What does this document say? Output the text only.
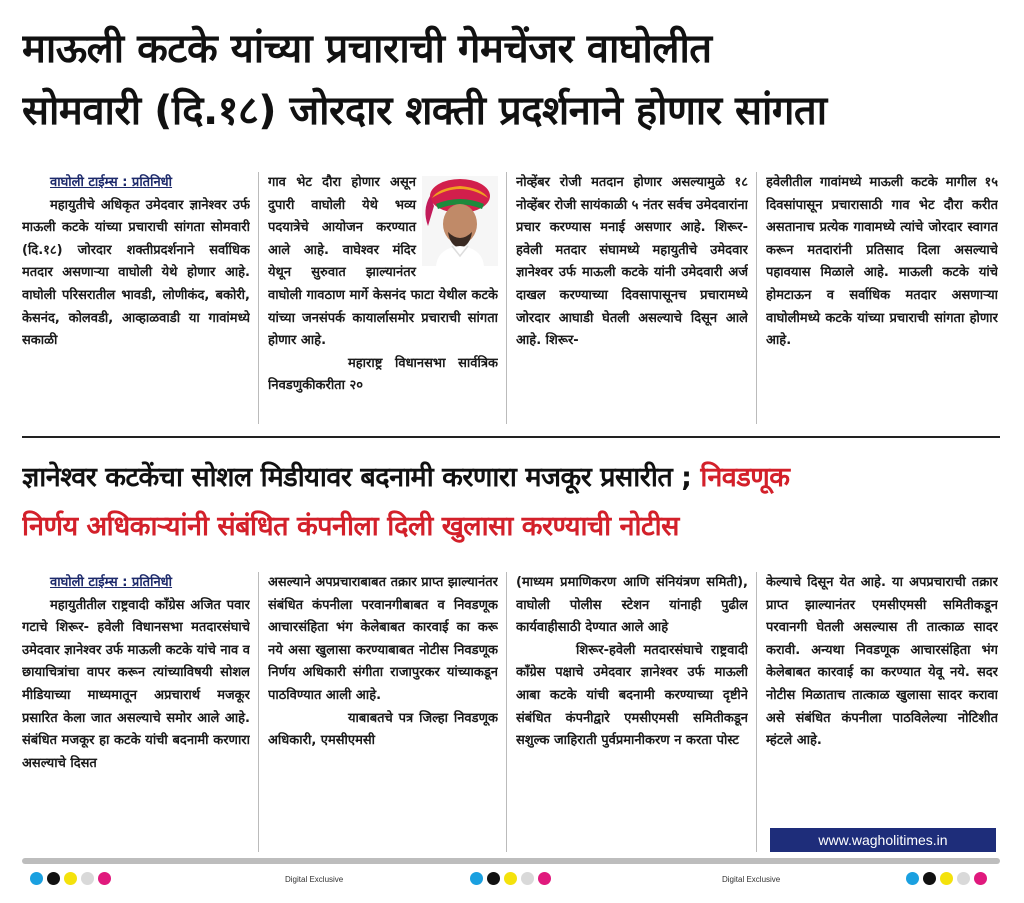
माऊली कटके यांच्या प्रचाराची गेमचेंजर वाघोलीत
सोमवारी (दि.१८) जोरदार शक्ती प्रदर्शनाने होणार सांगता
वाघोली टाईम्स : प्रतिनिधी
महायुतीचे अधिकृत उमेदवार ज्ञानेश्वर उर्फ माऊली कटके यांच्या प्रचाराची सांगता सोमवारी (दि.१८) जोरदार शक्तीप्रदर्शनाने सर्वाधिक मतदार असणाऱ्या वाघोली येथे होणार आहे. वाघोली परिसरातील भावडी, लोणीकंद, बकोरी, केसनंद, कोलवडी, आव्हाळवाडी या गावांमध्ये सकाळी
गाव भेट दौरा होणार असून दुपारी वाघोली येथे भव्य पदयात्रेचे आयोजन करण्यात आले आहे. वाघेश्वर मंदिर येथून सुरुवात झाल्यानंतर वाघोली गावठाण मार्गे केसनंद फाटा येथील कटके यांच्या जनसंपर्क कायार्लासमोर प्रचाराची सांगता होणार आहे.
महाराष्ट्र विधानसभा सार्वत्रिक निवडणुकीकरीता २०
नोव्हेंबर रोजी मतदान होणार असल्यामुळे १८ नोव्हेंबर रोजी सायंकाळी ५ नंतर सर्वच उमेदवारांना प्रचार करण्यास मनाई असणार आहे. शिरूर-हवेली मतदार संघामध्ये महायुतीचे उमेदवार ज्ञानेश्वर उर्फ माऊली कटके यांनी उमेदवारी अर्ज दाखल करण्याच्या दिवसापासूनच प्रचारामध्ये जोरदार आघाडी घेतली असल्याचे दिसून आले आहे. शिरूर-
हवेलीतील गावांमध्ये माऊली कटके मागील १५ दिवसांपासून प्रचारासाठी गाव भेट दौरा करीत असतानाच प्रत्येक गावामध्ये त्यांचे जोरदार स्वागत करून मतदारांनी प्रतिसाद दिला असल्याचे पहावयास मिळाले आहे. माऊली कटके यांचे होमटाऊन व सर्वाधिक मतदार असणाऱ्या वाघोलीमध्ये कटके यांच्या प्रचाराची सांगता होणार आहे.
ज्ञानेश्वर कटकेंचा सोशल मिडीयावर बदनामी करणारा मजकूर प्रसारीत ; निवडणूक
निर्णय अधिकाऱ्यांनी संबंधित कंपनीला दिली खुलासा करण्याची नोटीस
वाघोली टाईम्स : प्रतिनिधी
महायुतीतील राष्ट्रवादी काँग्रेस अजित पवार गटाचे शिरूर- हवेली विधानसभा मतदारसंघाचे उमेदवार ज्ञानेश्वर उर्फ माऊली कटके यांचे नाव व छायाचित्रांचा वापर करून त्यांच्याविषयी सोशल मीडियाच्या माध्यमातून अप्रचारार्थ मजकूर प्रसारित केला जात असल्याचे समोर आले आहे. संबंधित मजकूर हा कटके यांची बदनामी करणारा असल्याचे दिसत
असल्याने अपप्रचाराबाबत तक्रार प्राप्त झाल्यानंतर संबंधित कंपनीला परवानगीबाबत व निवडणूक आचारसंहिता भंग केलेबाबत कारवाई का करू नये असा खुलासा करण्याबाबत नोटीस निवडणूक निर्णय अधिकारी संगीता राजापुरकर यांच्याकडून पाठविण्यात आली आहे.
याबाबतचे पत्र जिल्हा निवडणूक अधिकारी, एमसीएमसी
(माध्यम प्रमाणिकरण आणि संनियंत्रण समिती), वाघोली पोलीस स्टेशन यांनाही पुढील कार्यवाहीसाठी देण्यात आले आहे
शिरूर-हवेली मतदारसंघाचे राष्ट्रवादी काँग्रेस पक्षाचे उमेदवार ज्ञानेश्वर उर्फ माऊली आबा कटके यांची बदनामी करण्याच्या दृष्टीने संबंधित कंपनीद्वारे एमसीएमसी समितीकडून सशुल्क जाहिराती पुर्वप्रमानीकरण न करता पोस्ट
केल्याचे दिसून येत आहे. या अपप्रचाराची तक्रार प्राप्त झाल्यानंतर एमसीएमसी समितीकडून परवानगी घेतली असल्यास ती तात्काळ सादर करावी. अन्यथा निवडणूक आचारसंहिता भंग केलेबाबत कारवाई का करण्यात येवू नये. सदर नोटीस मिळाताच तात्काळ खुलासा सादर करावा असे संबंधित कंपनीला पाठविलेल्या नोटिशीत म्हंटले आहे.
www.wagholitimes.in
Digital Exclusive	Digital Exclusive
